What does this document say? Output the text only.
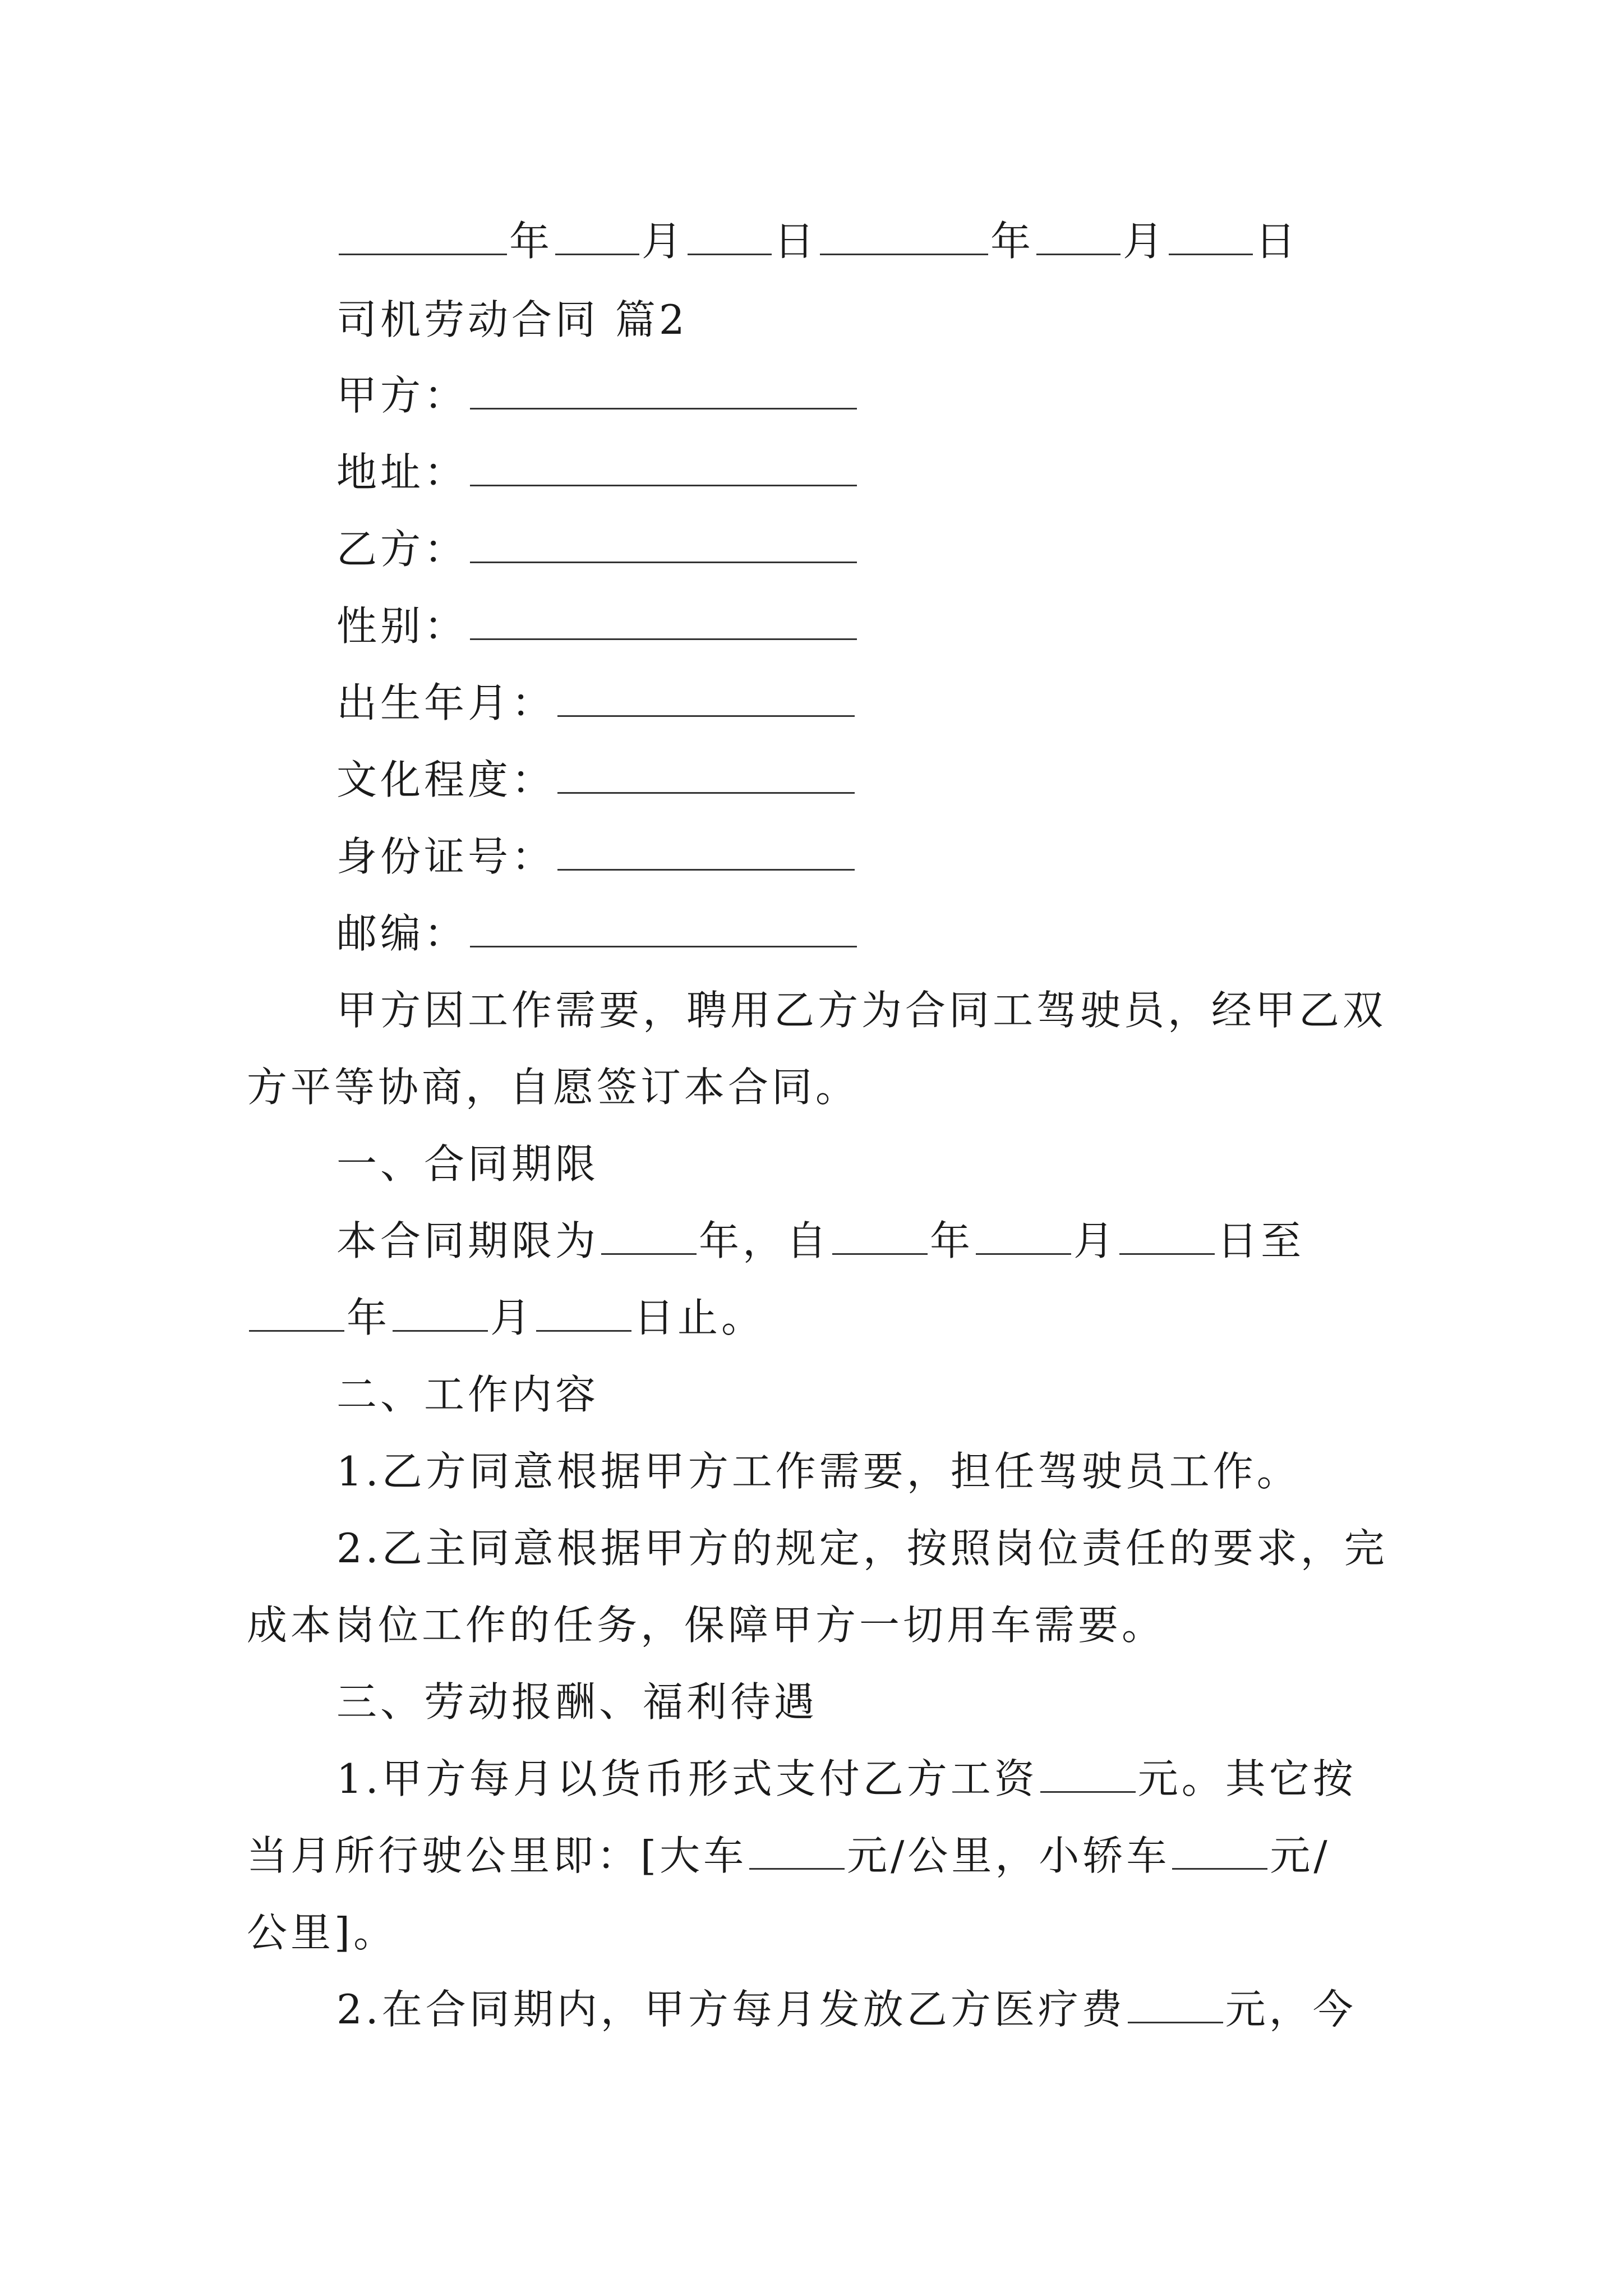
年 月 日	年 月 日
司机劳动合同 篇2
甲方：
地址：
乙方：
性别：
出生年月：
文化程度：
身份证号：
邮编：
甲方因工作需要，聘用乙方为合同工驾驶员，经甲乙双
方平等协商，自愿签订本合同。
一、合同期限
本合同期限为 年，自 年 月 日至
年 月 日止。
二、工作内容
1.乙方同意根据甲方工作需要，担任驾驶员工作。
2.乙主同意根据甲方的规定，按照岗位责任的要求，完
成本岗位工作的任务，保障甲方一切用车需要。
三、劳动报酬、福利待遇
1.甲方每月以货币形式支付乙方工资 元。其它按
当月所行驶公里即：[大车 元/公里，小轿车 元/
公里]。
2.在合同期内，甲方每月发放乙方医疗费 元，今
